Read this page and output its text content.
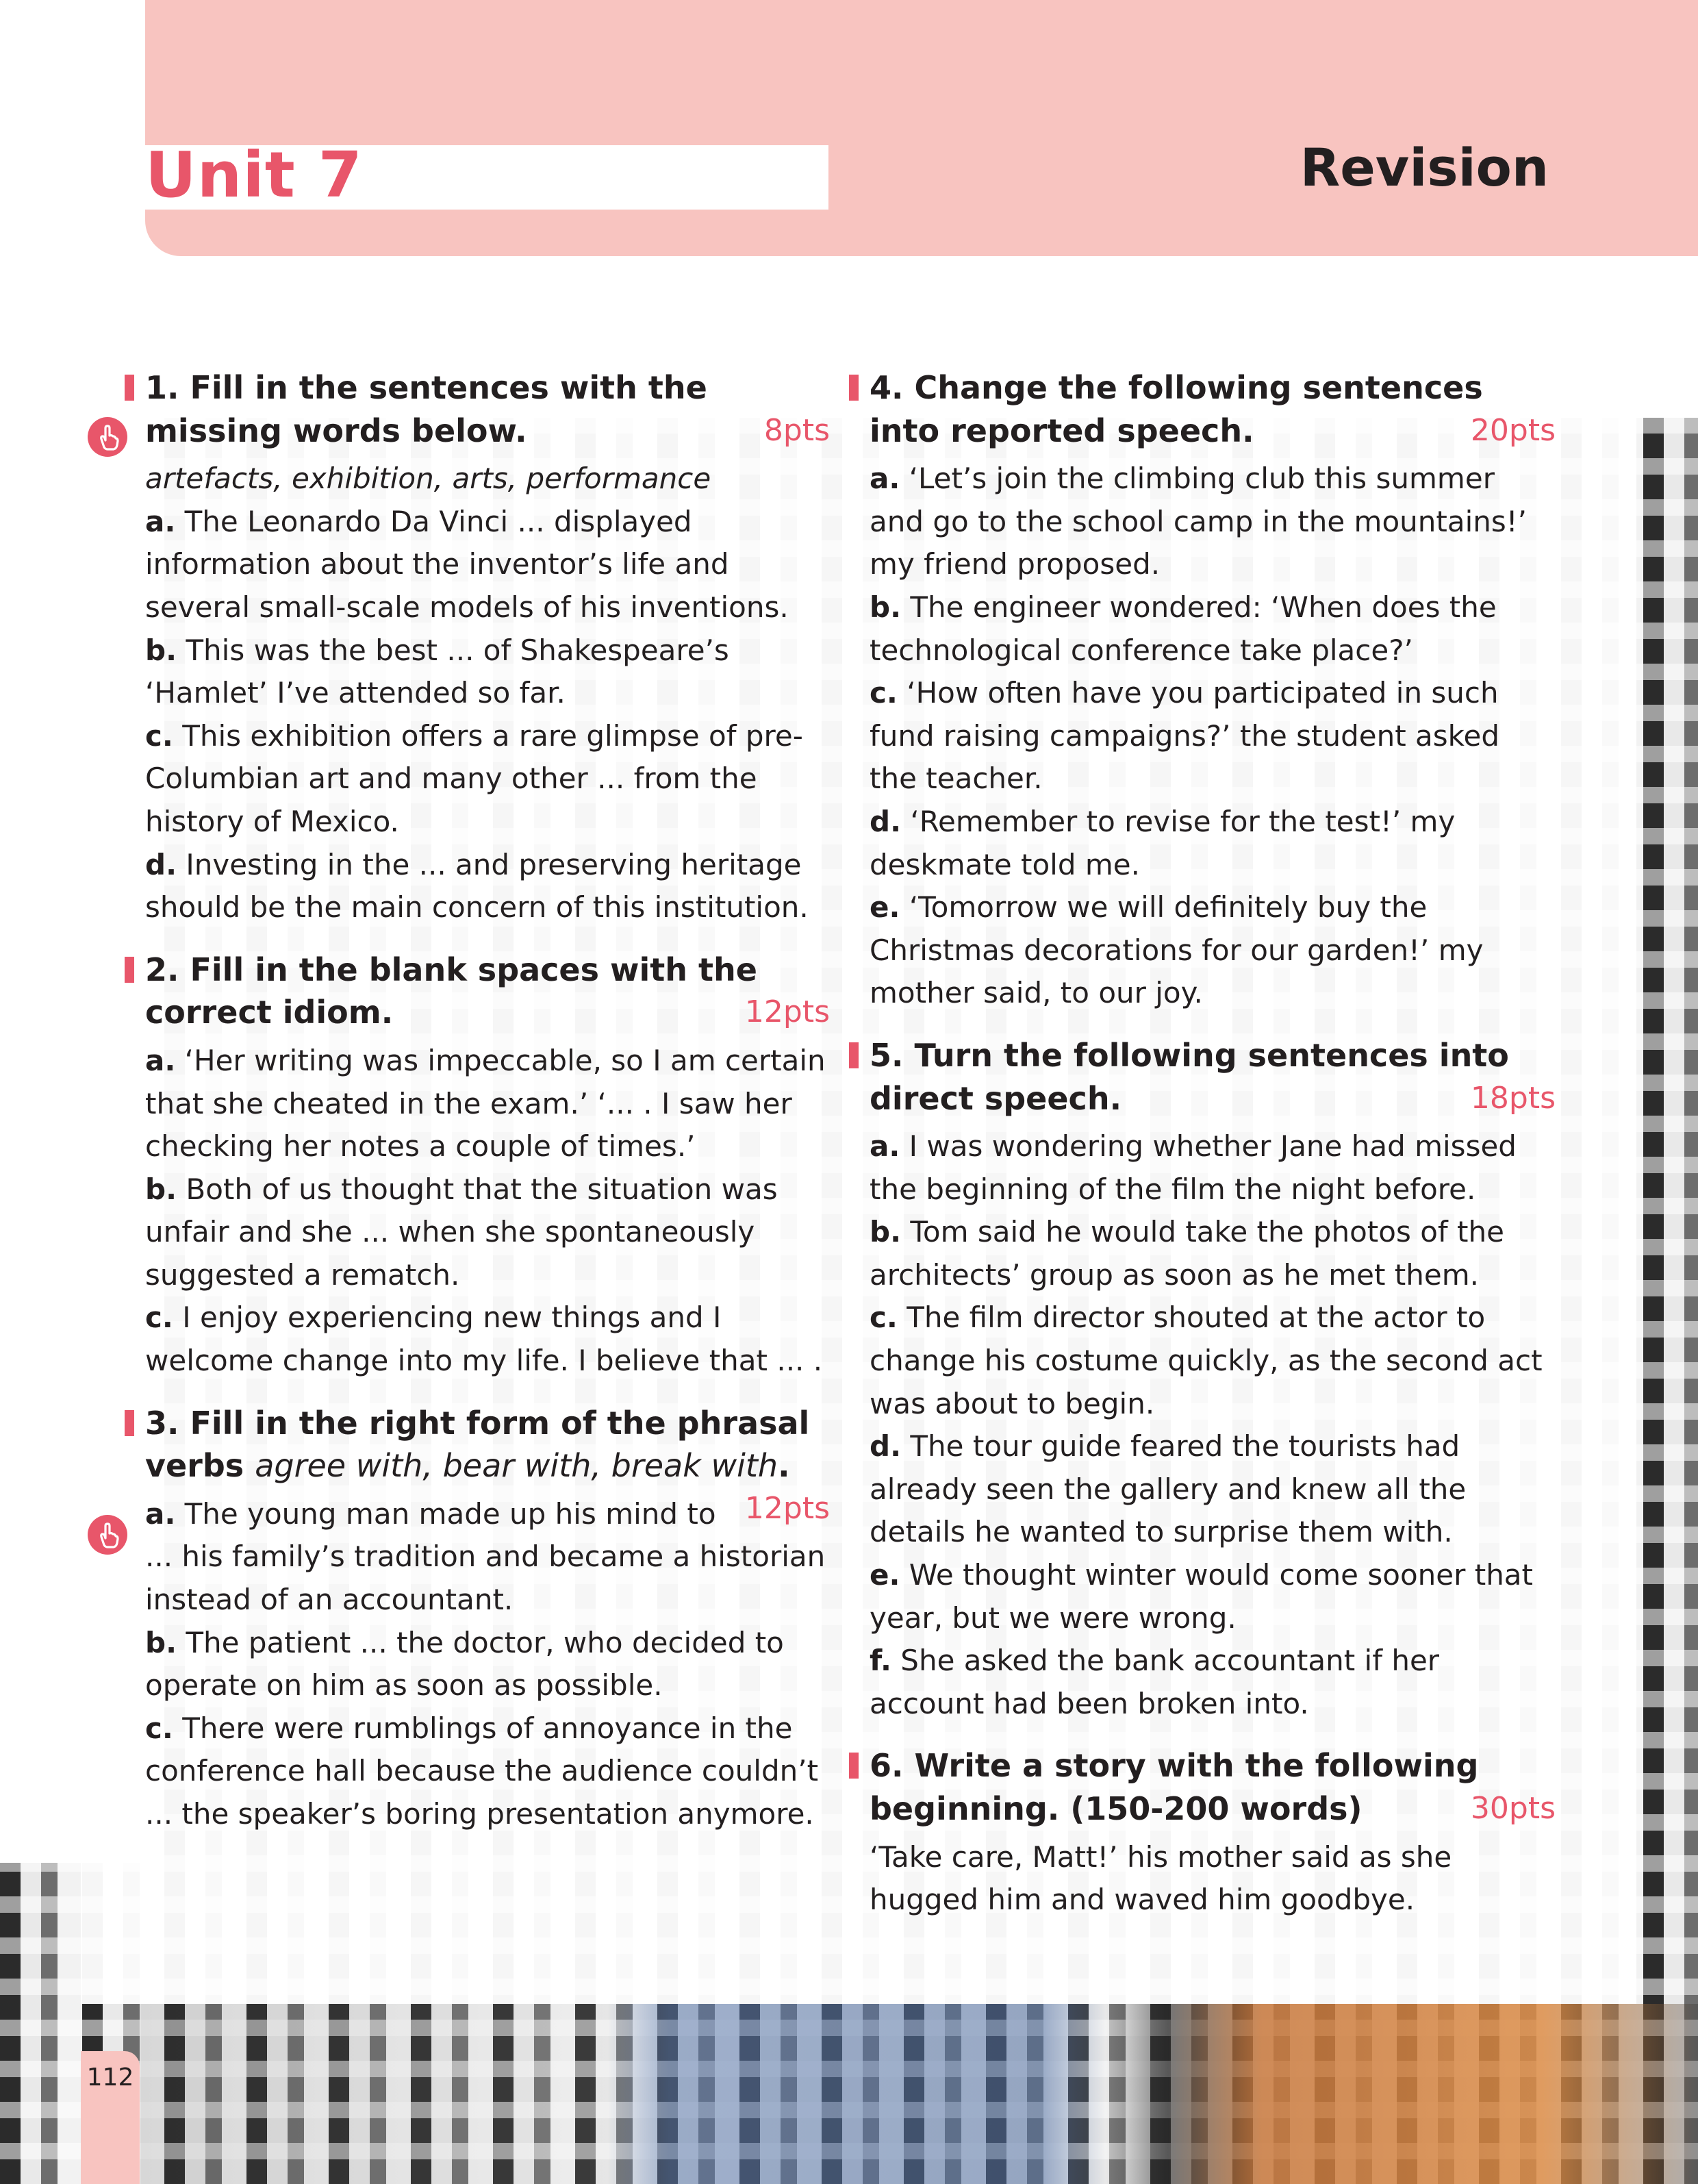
Unit 7	Revision
1. Fill in the sentences with the missing words below.	8pts
artefacts, exhibition, arts, performance
a. The Leonardo Da Vinci ... displayed information about the inventor’s life and several small-scale models of his inventions.
b. This was the best ... of Shakespeare’s ‘Hamlet’ I’ve attended so far.
c. This exhibition offers a rare glimpse of pre-Columbian art and many other ... from the history of Mexico.
d. Investing in the ... and preserving heritage should be the main concern of this institution.
2. Fill in the blank spaces with the correct idiom.	12pts
a. ‘Her writing was impeccable, so I am certain that she cheated in the exam.’ ‘... . I saw her checking her notes a couple of times.’
b. Both of us thought that the situation was unfair and she ... when she spontaneously suggested a rematch.
c. I enjoy experiencing new things and I welcome change into my life. I believe that ... .
3. Fill in the right form of the phrasal verbs agree with, bear with, break with.
12pts
a. The young man made up his mind to ... his family’s tradition and became a historian instead of an accountant.
b. The patient ... the doctor, who decided to operate on him as soon as possible.
c. There were rumblings of annoyance in the conference hall because the audience couldn’t ... the speaker’s boring presentation anymore.
4. Change the following sentences into reported speech.	20pts
a. ‘Let’s join the climbing club this summer and go to the school camp in the mountains!’ my friend proposed.
b. The engineer wondered: ‘When does the technological conference take place?’
c. ‘How often have you participated in such fund raising campaigns?’ the student asked the teacher.
d. ‘Remember to revise for the test!’ my deskmate told me.
e. ‘Tomorrow we will definitely buy the Christmas decorations for our garden!’ my mother said, to our joy.
5. Turn the following sentences into direct speech.	18pts
a. I was wondering whether Jane had missed the beginning of the film the night before.
b. Tom said he would take the photos of the architects’ group as soon as he met them.
c. The film director shouted at the actor to change his costume quickly, as the second act was about to begin.
d. The tour guide feared the tourists had already seen the gallery and knew all the details he wanted to surprise them with.
e. We thought winter would come sooner that year, but we were wrong.
f. She asked the bank accountant if her account had been broken into.
6. Write a story with the following beginning. (150-200 words)	30pts
‘Take care, Matt!’ his mother said as she hugged him and waved him goodbye.
112
